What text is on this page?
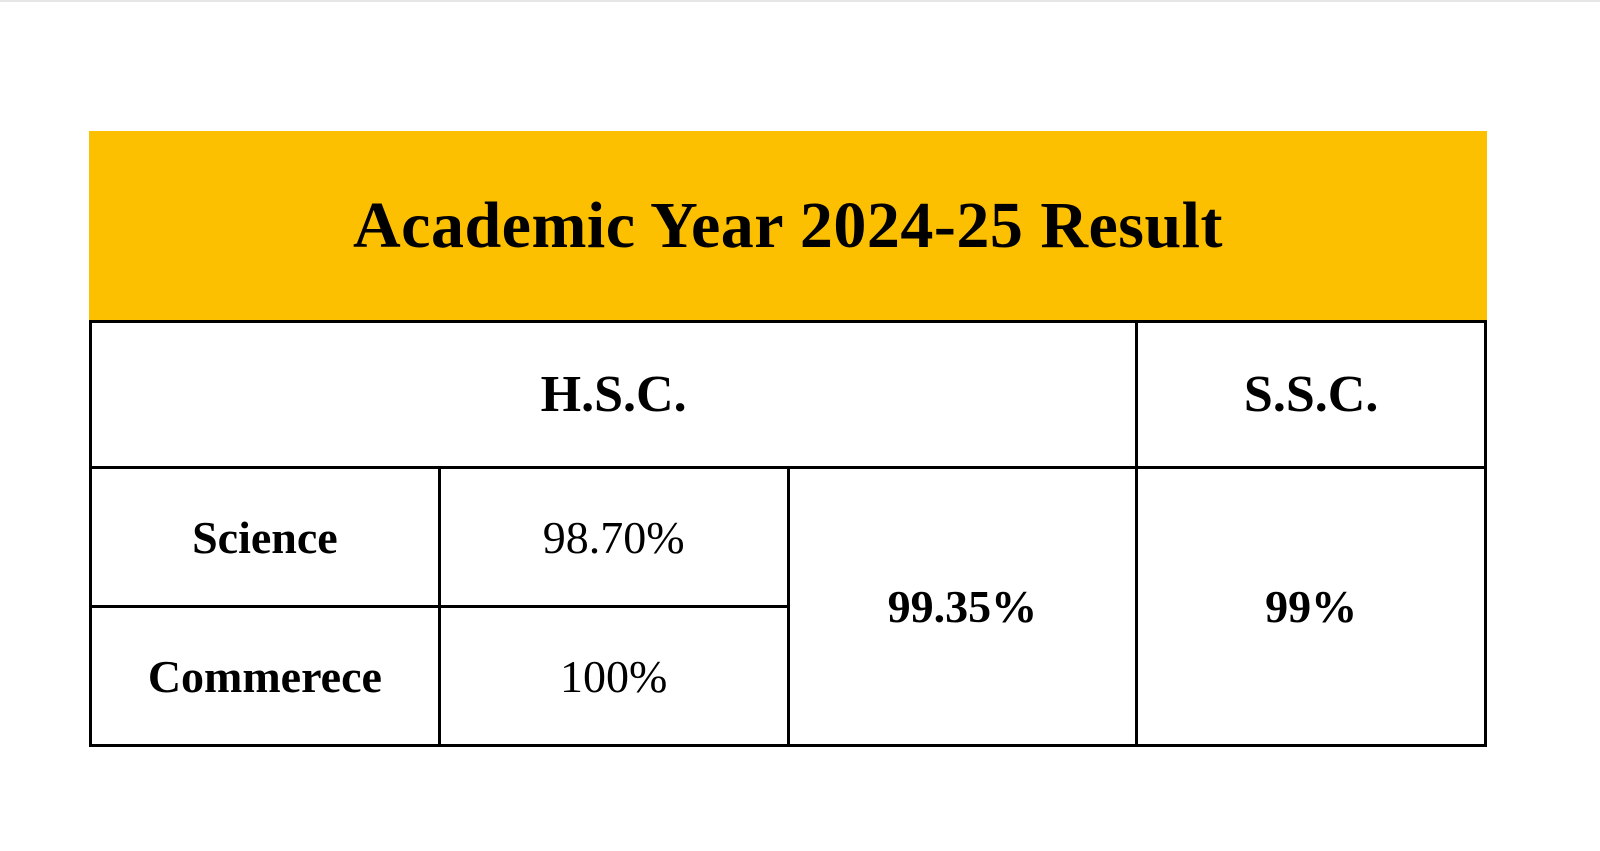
Academic Year 2024-25 Result
H.S.C.			S.S.C.
Science	98.70%	99.35%	99%
Commerece	100%		
